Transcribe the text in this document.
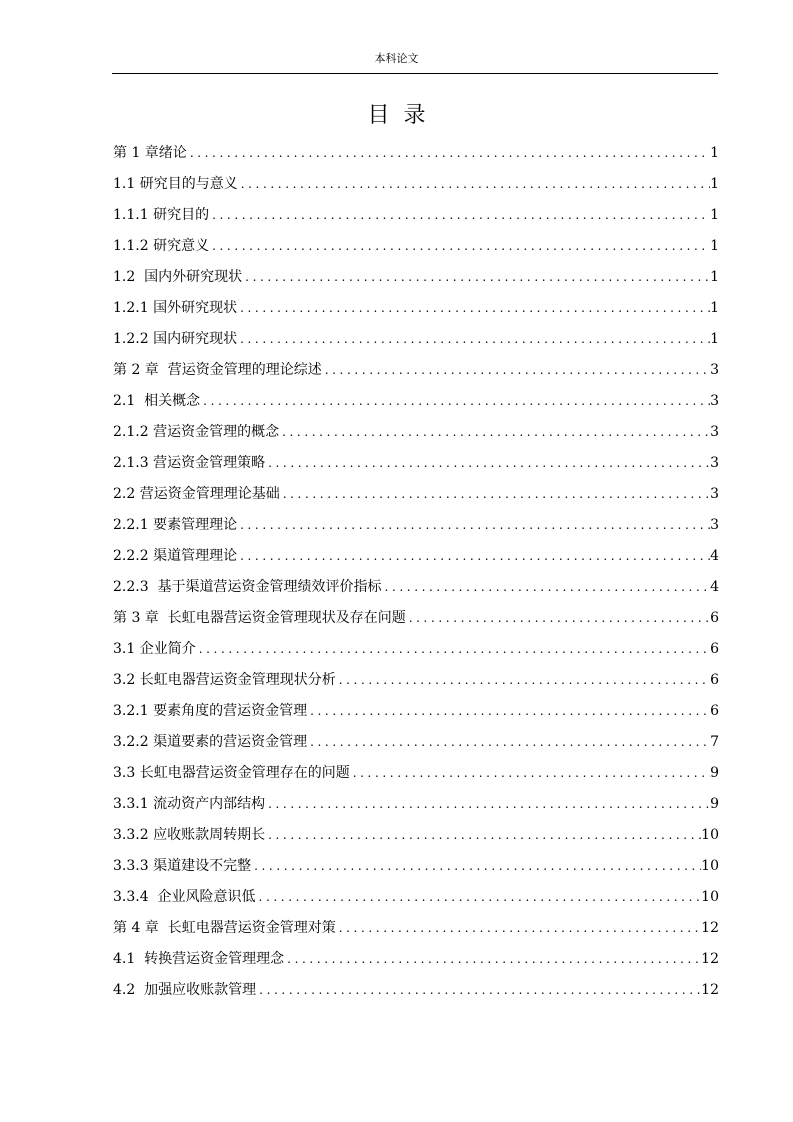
本科论文
目  录
第 1 章绪论 .....	1
1.1 研究目的与意义 .....	1
1.1.1 研究目的 .....	1
1.1.2 研究意义 .....	1
1.2  国内外研究现状 .....	1
1.2.1 国外研究现状 .....	1
1.2.2 国内研究现状 .....	1
第 2 章  营运资金管理的理论综述 .....	3
2.1  相关概念 .....	3
2.1.2 营运资金管理的概念 .....	3
2.1.3 营运资金管理策略 .....	3
2.2 营运资金管理理论基础 .....	3
2.2.1 要素管理理论 .....	3
2.2.2 渠道管理理论 .....	4
2.2.3  基于渠道营运资金管理绩效评价指标 .....	4
第 3 章  长虹电器营运资金管理现状及存在问题 .....	6
3.1 企业简介 .....	6
3.2 长虹电器营运资金管理现状分析 .....	6
3.2.1 要素角度的营运资金管理 .....	6
3.2.2 渠道要素的营运资金管理 .....	7
3.3 长虹电器营运资金管理存在的问题 .....	9
3.3.1 流动资产内部结构 .....	9
3.3.2 应收账款周转期长 .....	10
3.3.3 渠道建设不完整 .....	10
3.3.4  企业风险意识低 .....	10
第 4 章  长虹电器营运资金管理对策 .....	12
4.1  转换营运资金管理理念 .....	12
4.2  加强应收账款管理 .....	12
